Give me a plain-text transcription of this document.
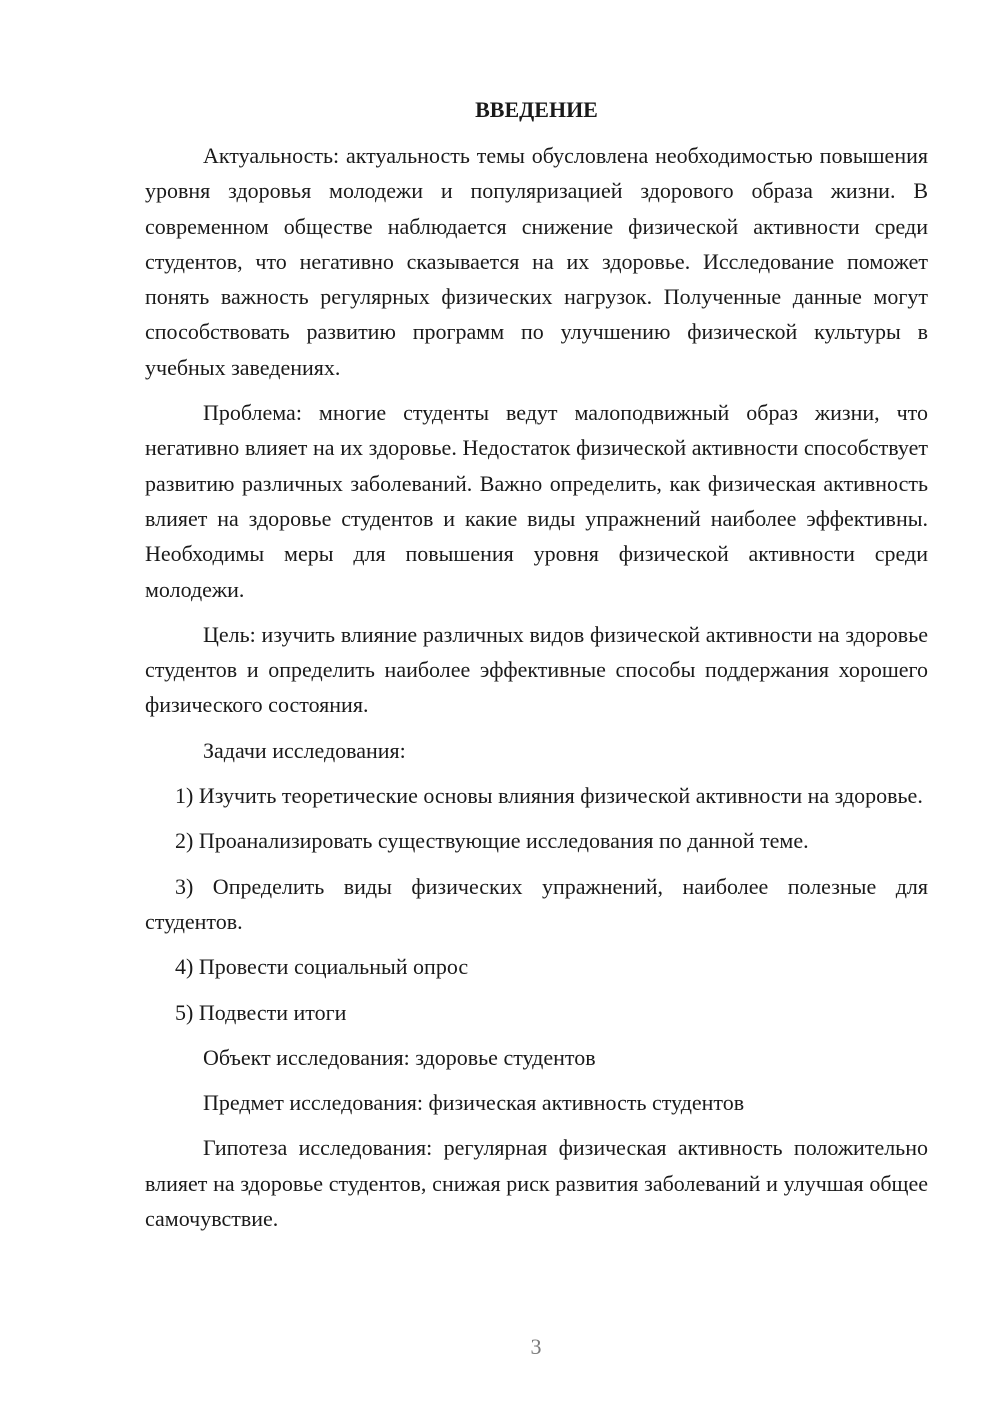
ВВЕДЕНИЕ

Актуальность: актуальность темы обусловлена необходимостью повышения уровня здоровья молодежи и популяризацией здорового образа жизни. В современном обществе наблюдается снижение физической активности среди студентов, что негативно сказывается на их здоровье. Исследование поможет понять важность регулярных физических нагрузок. Полученные данные могут способствовать развитию программ по улучшению физической культуры в учебных заведениях.

Проблема: многие студенты ведут малоподвижный образ жизни, что негативно влияет на их здоровье. Недостаток физической активности способствует развитию различных заболеваний. Важно определить, как физическая активность влияет на здоровье студентов и какие виды упражнений наиболее эффективны. Необходимы меры для повышения уровня физической активности среди молодежи.

Цель: изучить влияние различных видов физической активности на здоровье студентов и определить наиболее эффективные способы поддержания хорошего физического состояния.

Задачи исследования:

1) Изучить теоретические основы влияния физической активности на здоровье.

2) Проанализировать существующие исследования по данной теме.

3) Определить виды физических упражнений, наиболее полезные для студентов.

4) Провести социальный опрос

5) Подвести итоги

Объект исследования: здоровье студентов

Предмет исследования: физическая активность студентов

Гипотеза исследования: регулярная физическая активность положительно влияет на здоровье студентов, снижая риск развития заболеваний и улучшая общее самочувствие.

3
